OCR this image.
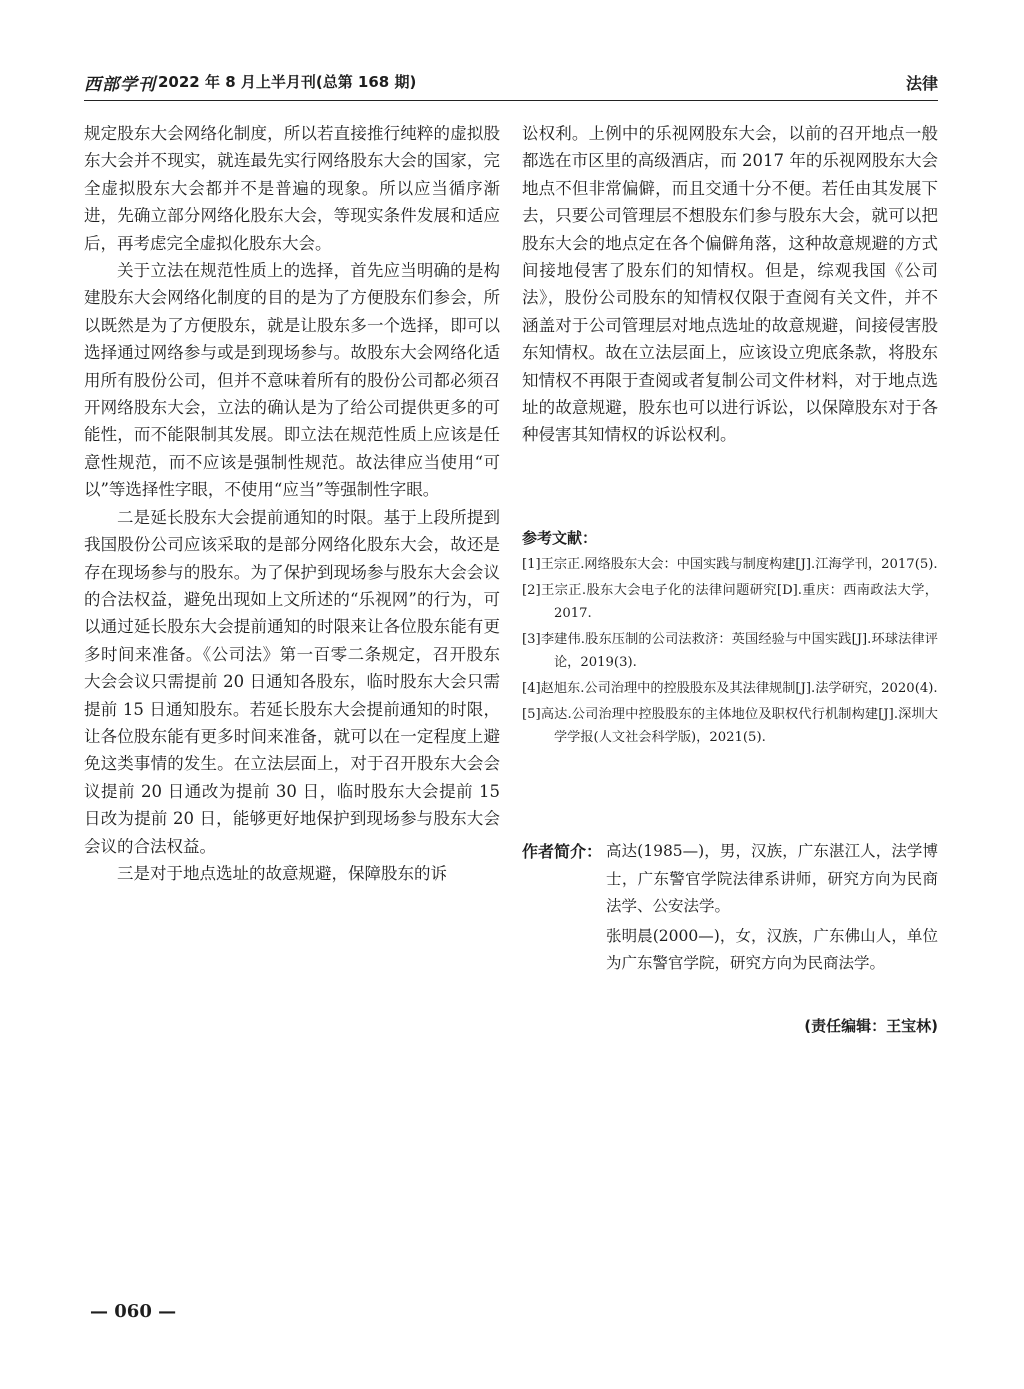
西部学刊 2022 年 8 月上半月刊(总第 168 期)	法律

规定股东大会网络化制度，所以若直接推行纯粹的虚拟股东大会并不现实，就连最先实行网络股东大会的国家，完全虚拟股东大会都并不是普遍的现象。所以应当循序渐进，先确立部分网络化股东大会，等现实条件发展和适应后，再考虑完全虚拟化股东大会。

关于立法在规范性质上的选择，首先应当明确的是构建股东大会网络化制度的目的是为了方便股东们参会，所以既然是为了方便股东，就是让股东多一个选择，即可以选择通过网络参与或是到现场参与。故股东大会网络化适用所有股份公司，但并不意味着所有的股份公司都必须召开网络股东大会，立法的确认是为了给公司提供更多的可能性，而不能限制其发展。即立法在规范性质上应该是任意性规范，而不应该是强制性规范。故法律应当使用“可以”等选择性字眼，不使用“应当”等强制性字眼。

二是延长股东大会提前通知的时限。基于上段所提到我国股份公司应该采取的是部分网络化股东大会，故还是存在现场参与的股东。为了保护到现场参与股东大会会议的合法权益，避免出现如上文所述的“乐视网”的行为，可以通过延长股东大会提前通知的时限来让各位股东能有更多时间来准备。《公司法》第一百零二条规定，召开股东大会会议只需提前 20 日通知各股东，临时股东大会只需提前 15 日通知股东。若延长股东大会提前通知的时限，让各位股东能有更多时间来准备，就可以在一定程度上避免这类事情的发生。在立法层面上，对于召开股东大会会议提前 20 日通改为提前 30 日，临时股东大会提前 15 日改为提前 20 日，能够更好地保护到现场参与股东大会会议的合法权益。

三是对于地点选址的故意规避，保障股东的诉

讼权利。上例中的乐视网股东大会，以前的召开地点一般都选在市区里的高级酒店，而 2017 年的乐视网股东大会地点不但非常偏僻，而且交通十分不便。若任由其发展下去，只要公司管理层不想股东们参与股东大会，就可以把股东大会的地点定在各个偏僻角落，这种故意规避的方式间接地侵害了股东们的知情权。但是，综观我国《公司法》，股份公司股东的知情权仅限于查阅有关文件，并不涵盖对于公司管理层对地点选址的故意规避，间接侵害股东知情权。故在立法层面上，应该设立兜底条款，将股东知情权不再限于查阅或者复制公司文件材料，对于地点选址的故意规避，股东也可以进行诉讼，以保障股东对于各种侵害其知情权的诉讼权利。

参考文献：
[1]王宗正.网络股东大会：中国实践与制度构建[J].江海学刊，2017(5).
[2]王宗正.股东大会电子化的法律问题研究[D].重庆：西南政法大学，2017.
[3]李建伟.股东压制的公司法救济：英国经验与中国实践[J].环球法律评论，2019(3).
[4]赵旭东.公司治理中的控股股东及其法律规制[J].法学研究，2020(4).
[5]高达.公司治理中控股股东的主体地位及职权代行机制构建[J].深圳大学学报(人文社会科学版)，2021(5).
作者简介： 高达(1985—)，男，汉族，广东湛江人，法学博士，广东警官学院法律系讲师，研究方向为民商法学、公安法学。

张明晨(2000—)，女，汉族，广东佛山人，单位为广东警官学院，研究方向为民商法学。

(责任编辑：王宝林)
— 060 —
